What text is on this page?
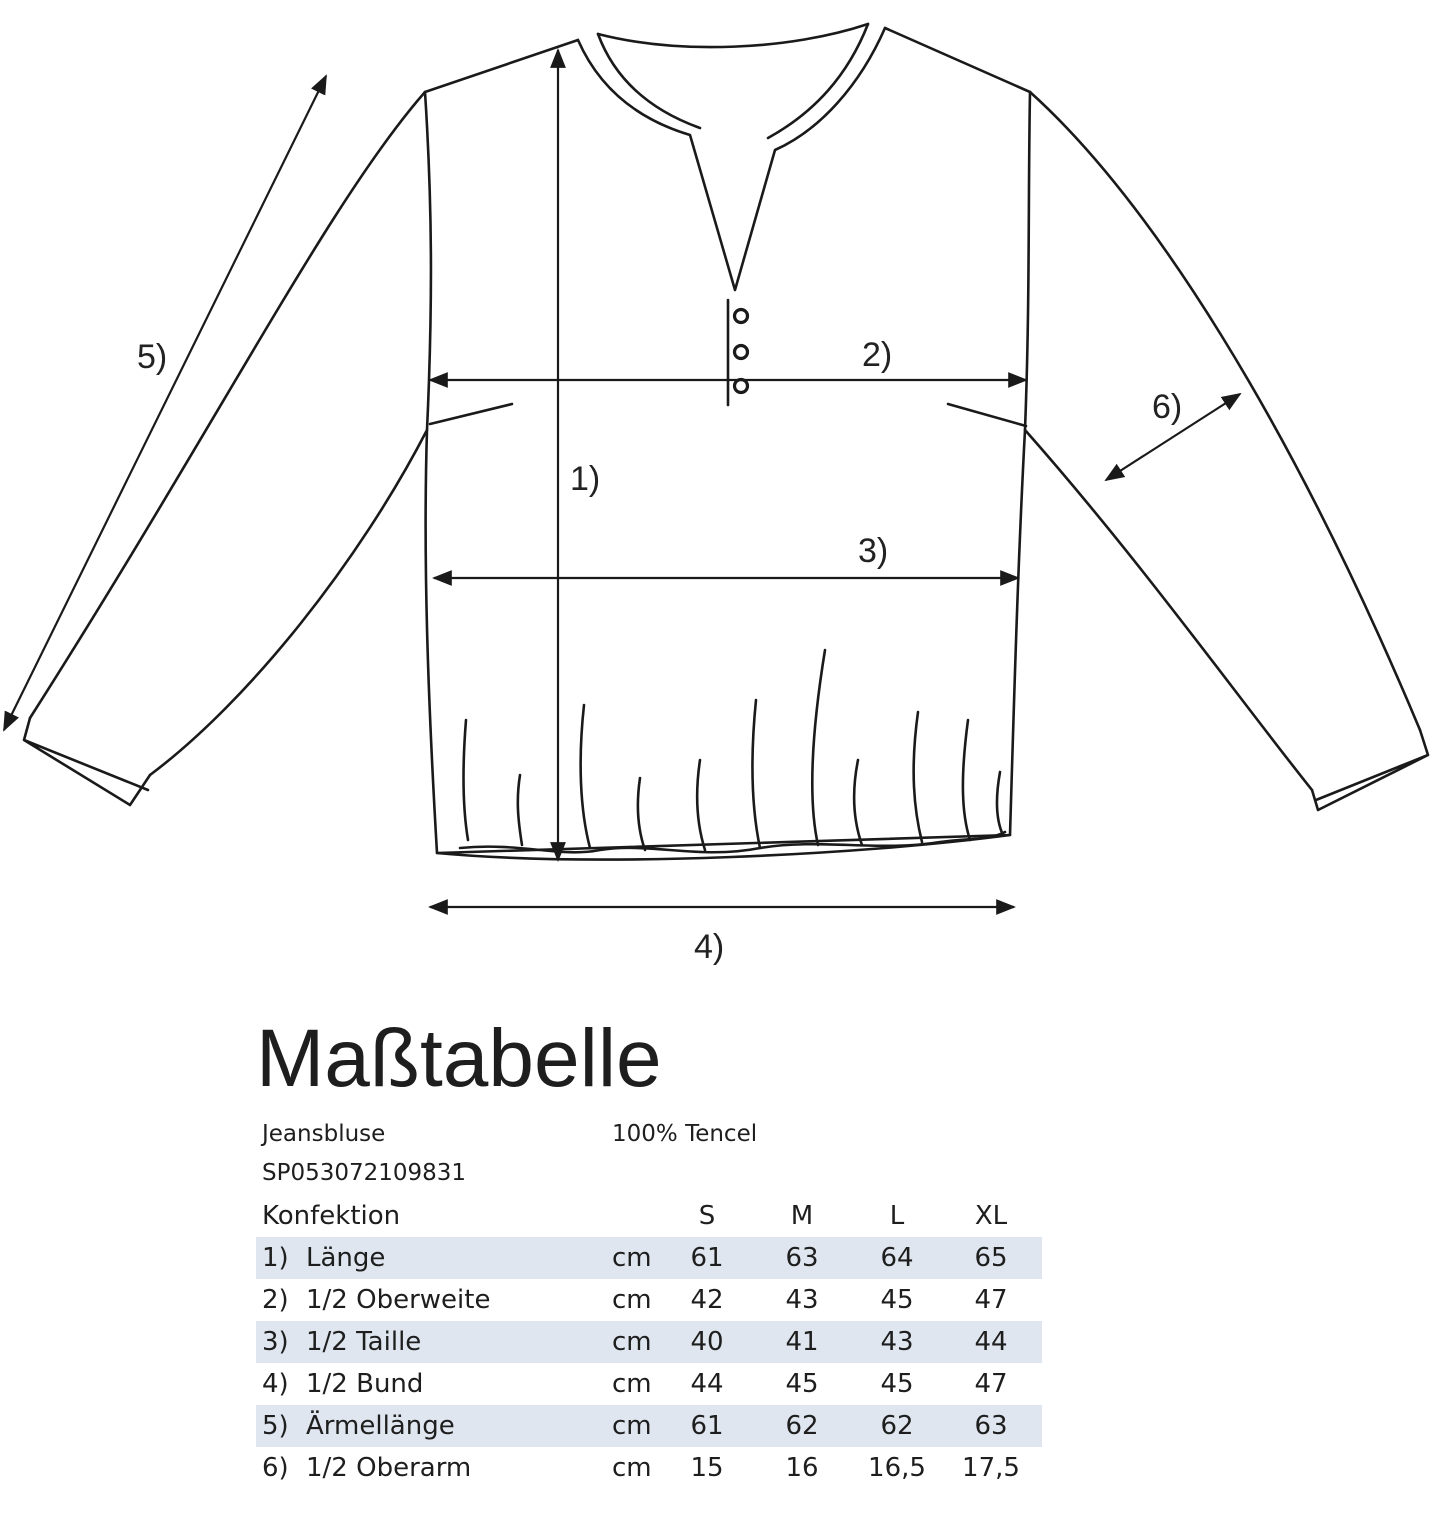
1)
2)
3)
4)
5)
6)
Maßtabelle
Jeansbluse	100% Tencel
SP053072109831
Konfektion	S	M	L	XL
1) Länge	cm	61	63	64	65
2) 1/2 Oberweite	cm	42	43	45	47
3) 1/2 Taille	cm	40	41	43	44
4) 1/2 Bund	cm	44	45	45	47
5) Ärmellänge	cm	61	62	62	63
6) 1/2 Oberarm	cm	15	16	16,5	17,5
